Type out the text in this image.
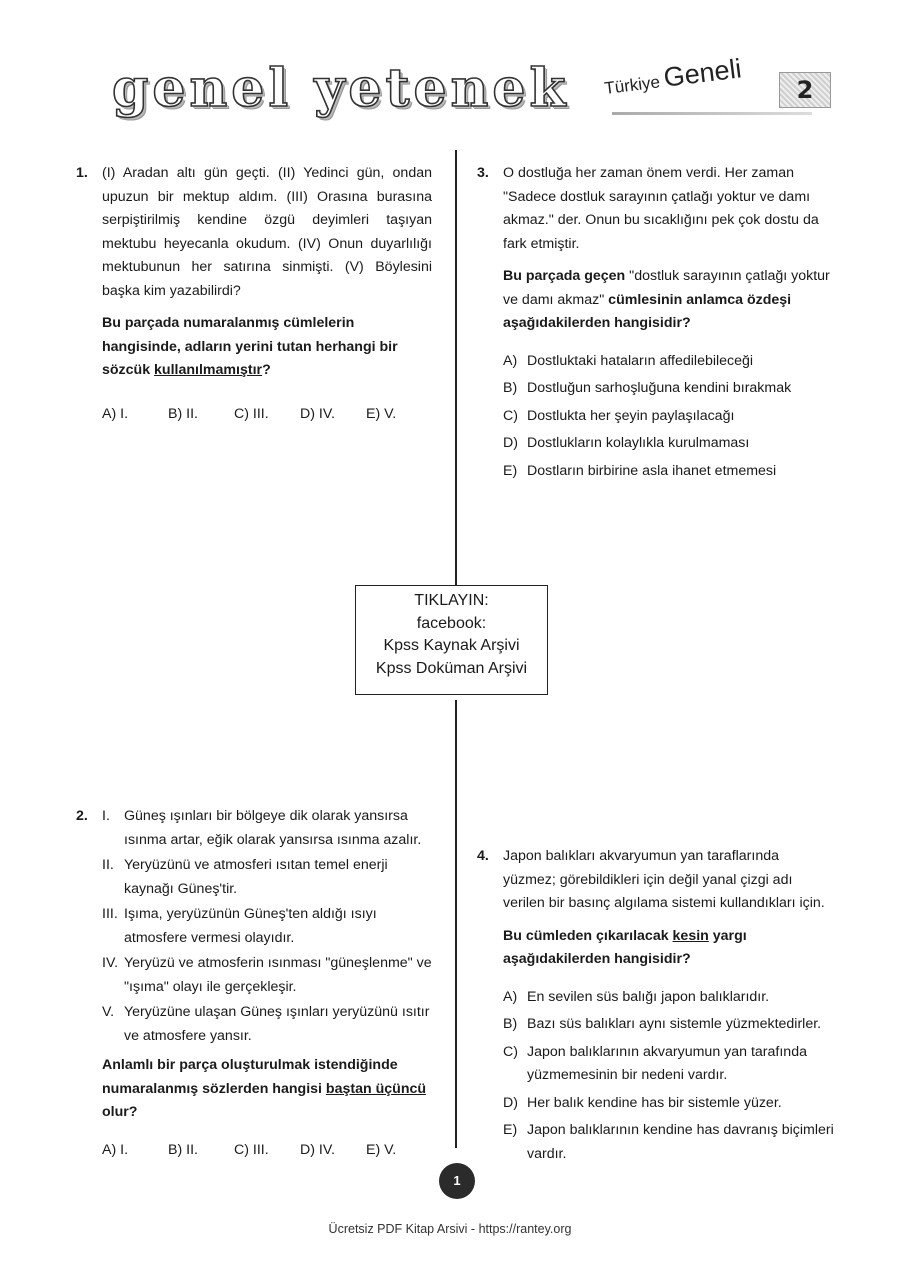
genel yetenek Türkiye Geneli	2
1. (I) Aradan altı gün geçti. (II) Yedinci gün, ondan upuzun bir mektup aldım. (III) Orasına burasına serpiştirilmiş kendine özgü deyimleri taşıyan mektubu heyecanla okudum. (IV) Onun duyarlılığı mektubunun her satırına sinmişti. (V) Böylesini başka kim yazabilirdi?

Bu parçada numaralanmış cümlelerin hangisinde, adların yerini tutan herhangi bir sözcük kullanılmamıştır?

A) I.	B) II.	C) III.	D) IV.	E) V.
3. O dostluğa her zaman önem verdi. Her zaman "Sadece dostluk sarayının çatlağı yoktur ve damı akmaz." der. Onun bu sıcaklığını pek çok dostu da fark etmiştir.

Bu parçada geçen "dostluk sarayının çatlağı yoktur ve damı akmaz" cümlesinin anlamca özdeşi aşağıdakilerden hangisidir?

A) Dostluktaki hataların affedilebileceği
B) Dostluğun sarhoşluğuna kendini bırakmak
C) Dostlukta her şeyin paylaşılacağı
D) Dostlukların kolaylıkla kurulmaması
E) Dostların birbirine asla ihanet etmemesi
TIKLAYIN:
facebook:
Kpss Kaynak Arşivi
Kpss Doküman Arşivi
2. I. Güneş ışınları bir bölgeye dik olarak yansırsa ısınma artar, eğik olarak yansırsa ısınma azalır.
II. Yeryüzünü ve atmosferi ısıtan temel enerji kaynağı Güneş'tir.
III. Işıma, yeryüzünün Güneş'ten aldığı ısıyı atmosfere vermesi olayıdır.
IV. Yeryüzü ve atmosferin ısınması "güneşlenme" ve "ışıma" olayı ile gerçekleşir.
V. Yeryüzüne ulaşan Güneş ışınları yeryüzünü ısıtır ve atmosfere yansır.

Anlamlı bir parça oluşturulmak istendiğinde numaralanmış sözlerden hangisi baştan üçüncü olur?

A) I.	B) II.	C) III.	D) IV.	E) V.
4. Japon balıkları akvaryumun yan taraflarında yüzmez; görebildikleri için değil yanal çizgi adı verilen bir basınç algılama sistemi kullandıkları için.

Bu cümleden çıkarılacak kesin yargı aşağıdakilerden hangisidir?

A) En sevilen süs balığı japon balıklarıdır.
B) Bazı süs balıkları aynı sistemle yüzmektedirler.
C) Japon balıklarının akvaryumun yan tarafında yüzmemesinin bir nedeni vardır.
D) Her balık kendine has bir sistemle yüzer.
E) Japon balıklarının kendine has davranış biçimleri vardır.
1
Ücretsiz PDF Kitap Arsivi - https://rantey.org
